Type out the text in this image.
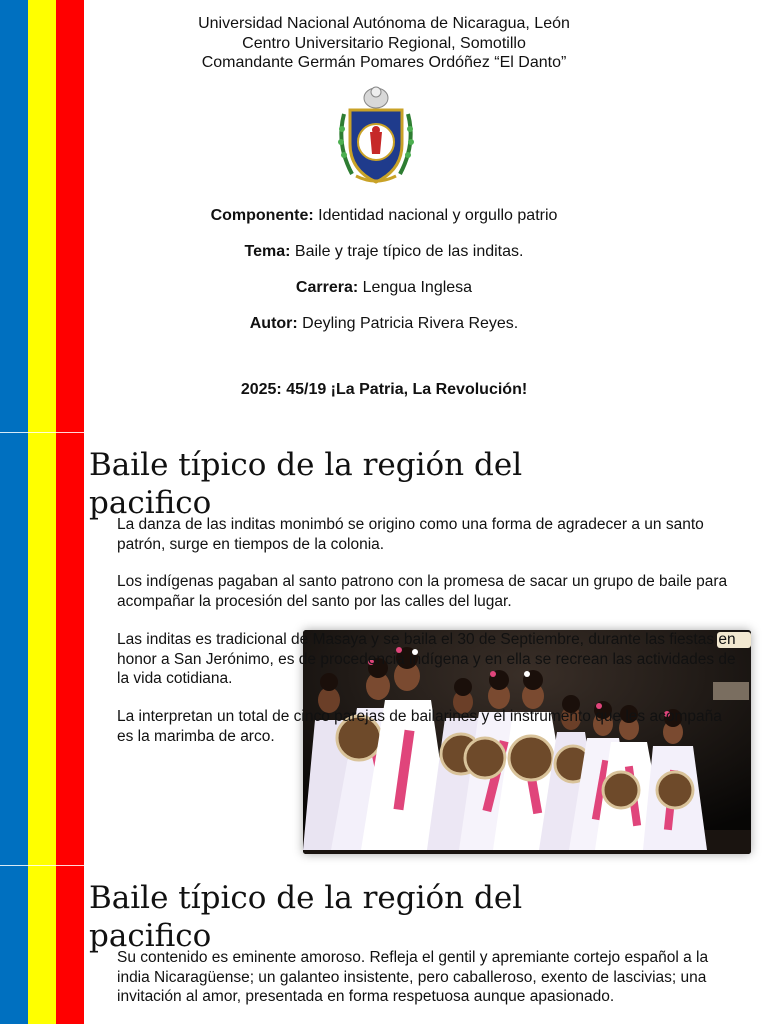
Universidad Nacional Autónoma de Nicaragua, León
Centro Universitario Regional, Somotillo
Comandante Germán Pomares Ordóñez “El Danto”
Componente: Identidad nacional y orgullo patrio
Tema: Baile y traje típico de las inditas.
Carrera: Lengua Inglesa
Autor: Deyling Patricia Rivera Reyes.
2025: 45/19 ¡La Patria, La Revolución!
Baile típico de la región del
pacifico
La danza de las inditas monimbó se origino como una forma de agradecer a un santo patrón, surge en tiempos de la colonia.
Los indígenas pagaban al santo patrono con la promesa de sacar un grupo de baile para acompañar la procesión del santo por las calles del lugar.
Las inditas es tradicional de Masaya y se baila el 30 de Septiembre, durante las fiestas en honor a San Jerónimo, es de procedencia indígena y en ella se recrean las actividades de la vida cotidiana.
La interpretan un total de cinco parejas de bailarines y el instrumento que les acompaña es la marimba de arco.
Baile típico de la región del
pacifico
Su contenido es eminente amoroso. Refleja el gentil y apremiante cortejo español a la india Nicaragüense; un galanteo insistente, pero caballeroso, exento de lascivias; una invitación al amor, presentada en forma respetuosa aunque apasionado.
